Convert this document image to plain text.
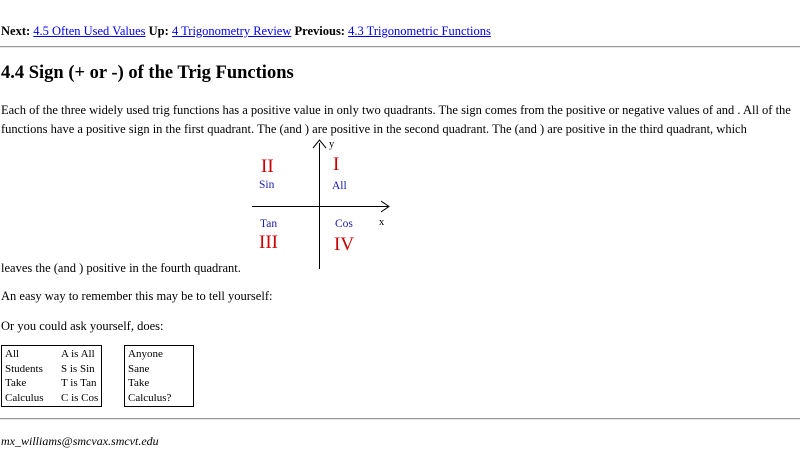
Next: 4.5 Often Used Values Up: 4 Trigonometry Review Previous: 4.3 Trigonometric Functions
4.4 Sign (+ or -) of the Trig Functions

Each of the three widely used trig functions has a positive value in only two quadrants. The sign comes from the positive or negative values of and . All of the functions have a positive sign in the first quadrant. The (and ) are positive in the second quadrant. The (and ) are positive in the third quadrant, which

y
x
II
Sin
I
All
Tan
III
Cos
IV

leaves the (and ) positive in the fourth quadrant.

An easy way to remember this may be to tell yourself:

Or you could ask yourself, does:

All	A is All
Students	S is Sin
Take	T is Tan
Calculus	C is Cos
Anyone
Sane
Take
Calculus?
mx_williams@smcvax.smcvt.edu
